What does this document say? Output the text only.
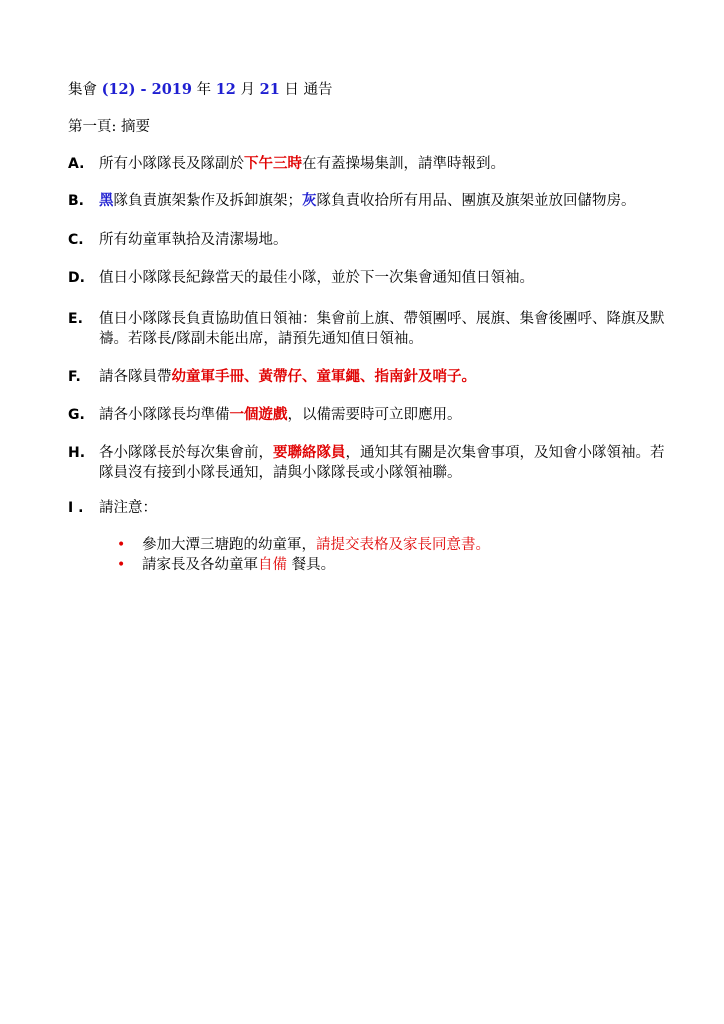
集會 (12) - 2019 年 12 月 21 日 通告
第一頁: 摘要
A. 所有小隊隊長及隊副於下午三時在有蓋操場集訓，請準時報到。
B. 黑隊負責旗架紮作及拆卸旗架；灰隊負責收拾所有用品、團旗及旗架並放回儲物房。
C. 所有幼童軍執拾及清潔場地。
D. 值日小隊隊長紀錄當天的最佳小隊，並於下一次集會通知值日領袖。
E. 值日小隊隊長負責協助值日領袖：集會前上旗、帶領團呼、展旗、集會後團呼、降旗及默禱。若隊長/隊副未能出席，請預先通知值日領袖。
F. 請各隊員帶幼童軍手冊、黃帶仔、童軍繩、指南針及哨子。
G. 請各小隊隊長均準備一個遊戲，以備需要時可立即應用。
H. 各小隊隊長於每次集會前，要聯絡隊員，通知其有關是次集會事項，及知會小隊領袖。若隊員沒有接到小隊長通知，請與小隊隊長或小隊領袖聯。
I . 請注意：
• 參加大潭三塘跑的幼童軍，請提交表格及家長同意書。
• 請家長及各幼童軍自備 餐具。
